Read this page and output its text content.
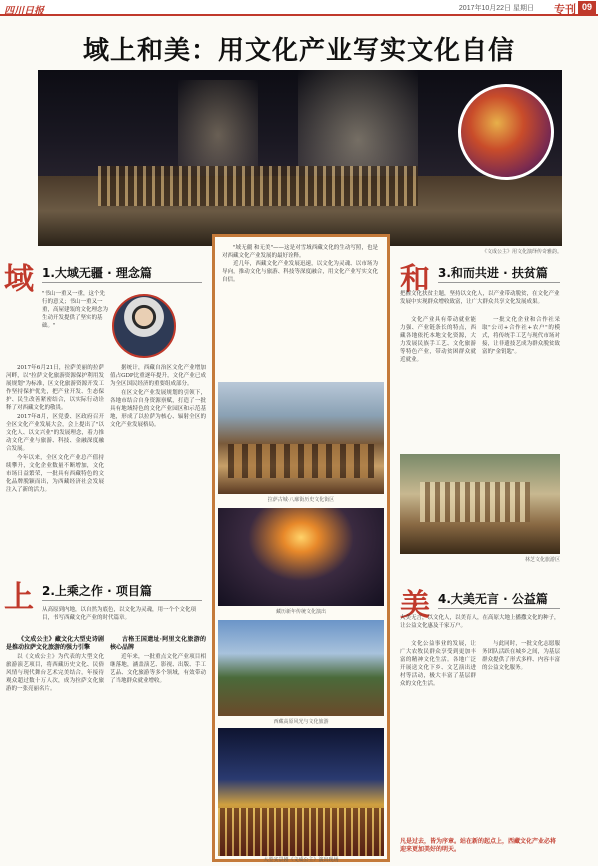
四川日报	2017年10月22日 星期日 专刊 09
域上和美：用文化产业写实文化自信
《文成公主》用文化演绎传奇雅韵。
域 1.大域无疆 · 理念篇
"书山一重又一重，这个先行的意义；书山一重又一重，高屋建瓴的文化理念为生动开发提供了坚实的基础。"

2017年6月21日，拉萨美丽的拉萨河畔，以"拉萨文化旅游资源保护利用发展规划"为标准，区文化旅游资源开发工作坚持保护优先，把产业开发、生态保护、民生改善紧密结合，以实际行动诠释了对西藏文化的敬畏。

2017年8月，区党委、区政府召开全区文化产业发展大会，会上提出了"以文化人、以文兴业"的发展理念，着力推动文化产业与旅游、科技、金融深度融合发展。

今年以来，全区文化产业总产值持续攀升，文化企业数量不断增加，文化市场日益繁荣，一批具有西藏特色的文化品牌脱颖而出，为西藏经济社会发展注入了新的活力。

据统计，西藏自治区文化产业增加值占GDP比重逐年提升，文化产业已成为全区国民经济的重要组成部分。

在区文化产业发展规划的引领下，各地市结合自身资源禀赋，打造了一批具有地域特色的文化产业园区和示范基地，形成了以拉萨为核心、辐射全区的文化产业发展格局。

上 2.上乘之作 · 项目篇
从高原到内地，以自然为底色，以文化为灵魂，用一个个文化项目，书写西藏文化产业的时代篇章。

《文成公主》藏文化大型史诗剧是推动拉萨文化旅游的强力引擎

以《文成公主》为代表的大型文化旅游演艺项目，将西藏历史文化、民俗风情与现代舞台艺术完美结合，年接待观众超过数十万人次，成为拉萨文化旅游的一张亮丽名片。

古格王国遗址·阿里文化旅游的核心品牌

近年来，一批重点文化产业项目相继落地，涵盖演艺、影视、出版、手工艺品、文化旅游等多个领域，有效带动了当地群众就业增收。

"域无疆 和无美"——这是对雪域西藏文化的生动写照，也是对西藏文化产业发展的最好诠释。

近几年，西藏文化产业发展迅速，以文化为灵魂、以市场为导向，推动文化与旅游、科技等深度融合，用文化产业写实文化自信。

拉萨古城·八廓街历史文化街区
藏历新年传统文化演出
西藏高原风光与文化旅游
大型实景剧《文成公主》演出现场
和 3.和而共进 · 扶贫篇
把握文化扶贫主题，坚持以文化人，以产业带动脱贫，在文化产业发展中实现群众增收致富，让广大群众共享文化发展成果。

文化产业具有带动就业能力强、产业链条长的特点，西藏各地依托本地文化资源，大力发展民族手工艺、文化旅游等特色产业，带动贫困群众就近就业。

一批文化企业和合作社采取"公司+合作社+农户"的模式，将传统手工艺与现代市场对接，让非遗技艺成为群众脱贫致富的"金钥匙"。

林芝文化旅游区
美 4.大美无言 · 公益篇
大美无言，以文化人，以美育人，在高原大地上播撒文化的种子，让公益文化惠及千家万户。

文化公益事业的发展，让广大农牧民群众享受到更加丰富的精神文化生活。各地广泛开展送文化下乡、文艺演出进村等活动，极大丰富了基层群众的文化生活。

与此同时，一批文化志愿服务团队活跃在城乡之间，为基层群众提供了形式多样、内容丰富的公益文化服务。

凡是过去，皆为序章。站在新的起点上，西藏文化产业必将迎来更加美好的明天。
